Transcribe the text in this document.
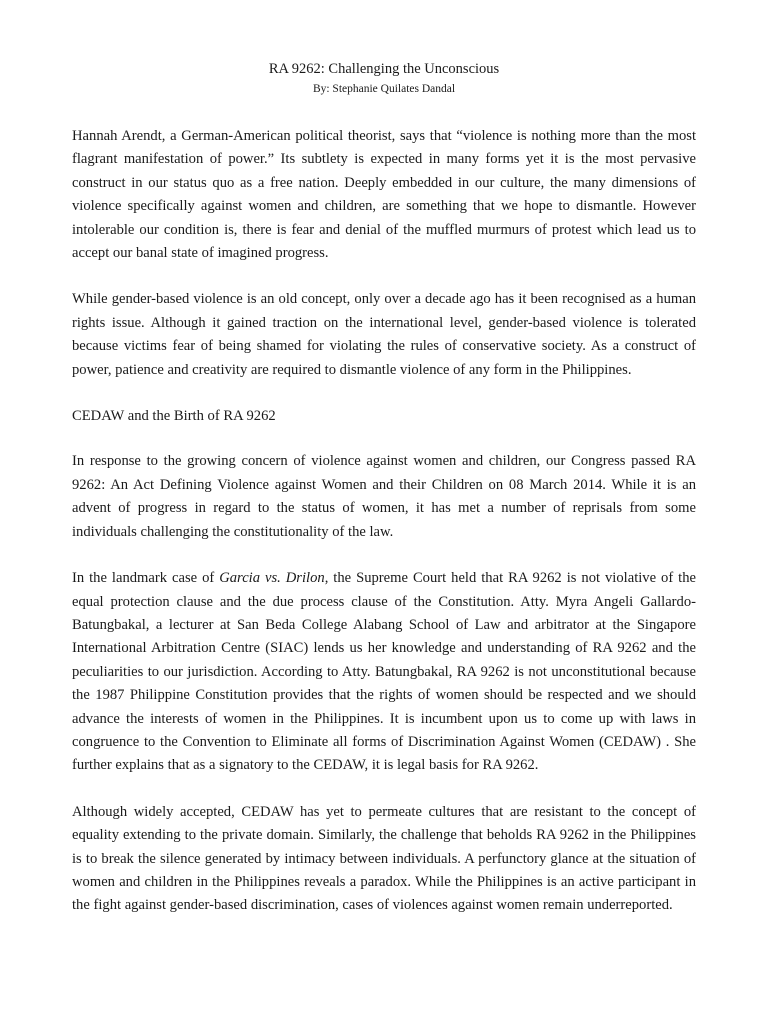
RA 9262: Challenging the Unconscious

By: Stephanie Quilates Dandal

Hannah Arendt, a German-American political theorist, says that “violence is nothing more than the most flagrant manifestation of power.” Its subtlety is expected in many forms yet it is the most pervasive construct in our status quo as a free nation. Deeply embedded in our culture, the many dimensions of violence specifically against women and children, are something that we hope to dismantle. However intolerable our condition is, there is fear and denial of the muffled murmurs of protest which lead us to accept our banal state of imagined progress.

While gender-based violence is an old concept, only over a decade ago has it been recognised as a human rights issue. Although it gained traction on the international level, gender-based violence is tolerated because victims fear of being shamed for violating the rules of conservative society. As a construct of power, patience and creativity are required to dismantle violence of any form in the Philippines.

CEDAW and the Birth of RA 9262

In response to the growing concern of violence against women and children, our Congress passed RA 9262: An Act Defining Violence against Women and their Children on 08 March 2014. While it is an advent of progress in regard to the status of women, it has met a number of reprisals from some individuals challenging the constitutionality of the law.

In the landmark case of Garcia vs. Drilon, the Supreme Court held that RA 9262 is not violative of the equal protection clause and the due process clause of the Constitution. Atty. Myra Angeli Gallardo-Batungbakal, a lecturer at San Beda College Alabang School of Law and arbitrator at the Singapore International Arbitration Centre (SIAC) lends us her knowledge and understanding of RA 9262 and the peculiarities to our jurisdiction. According to Atty. Batungbakal, RA 9262 is not unconstitutional because the 1987 Philippine Constitution provides that the rights of women should be respected and we should advance the interests of women in the Philippines. It is incumbent upon us to come up with laws in congruence to the Convention to Eliminate all forms of Discrimination Against Women (CEDAW) . She further explains that as a signatory to the CEDAW, it is legal basis for RA 9262.

Although widely accepted, CEDAW has yet to permeate cultures that are resistant to the concept of equality extending to the private domain. Similarly, the challenge that beholds RA 9262 in the Philippines is to break the silence generated by intimacy between individuals. A perfunctory glance at the situation of women and children in the Philippines reveals a paradox. While the Philippines is an active participant in the fight against gender-based discrimination, cases of violences against women remain underreported.
